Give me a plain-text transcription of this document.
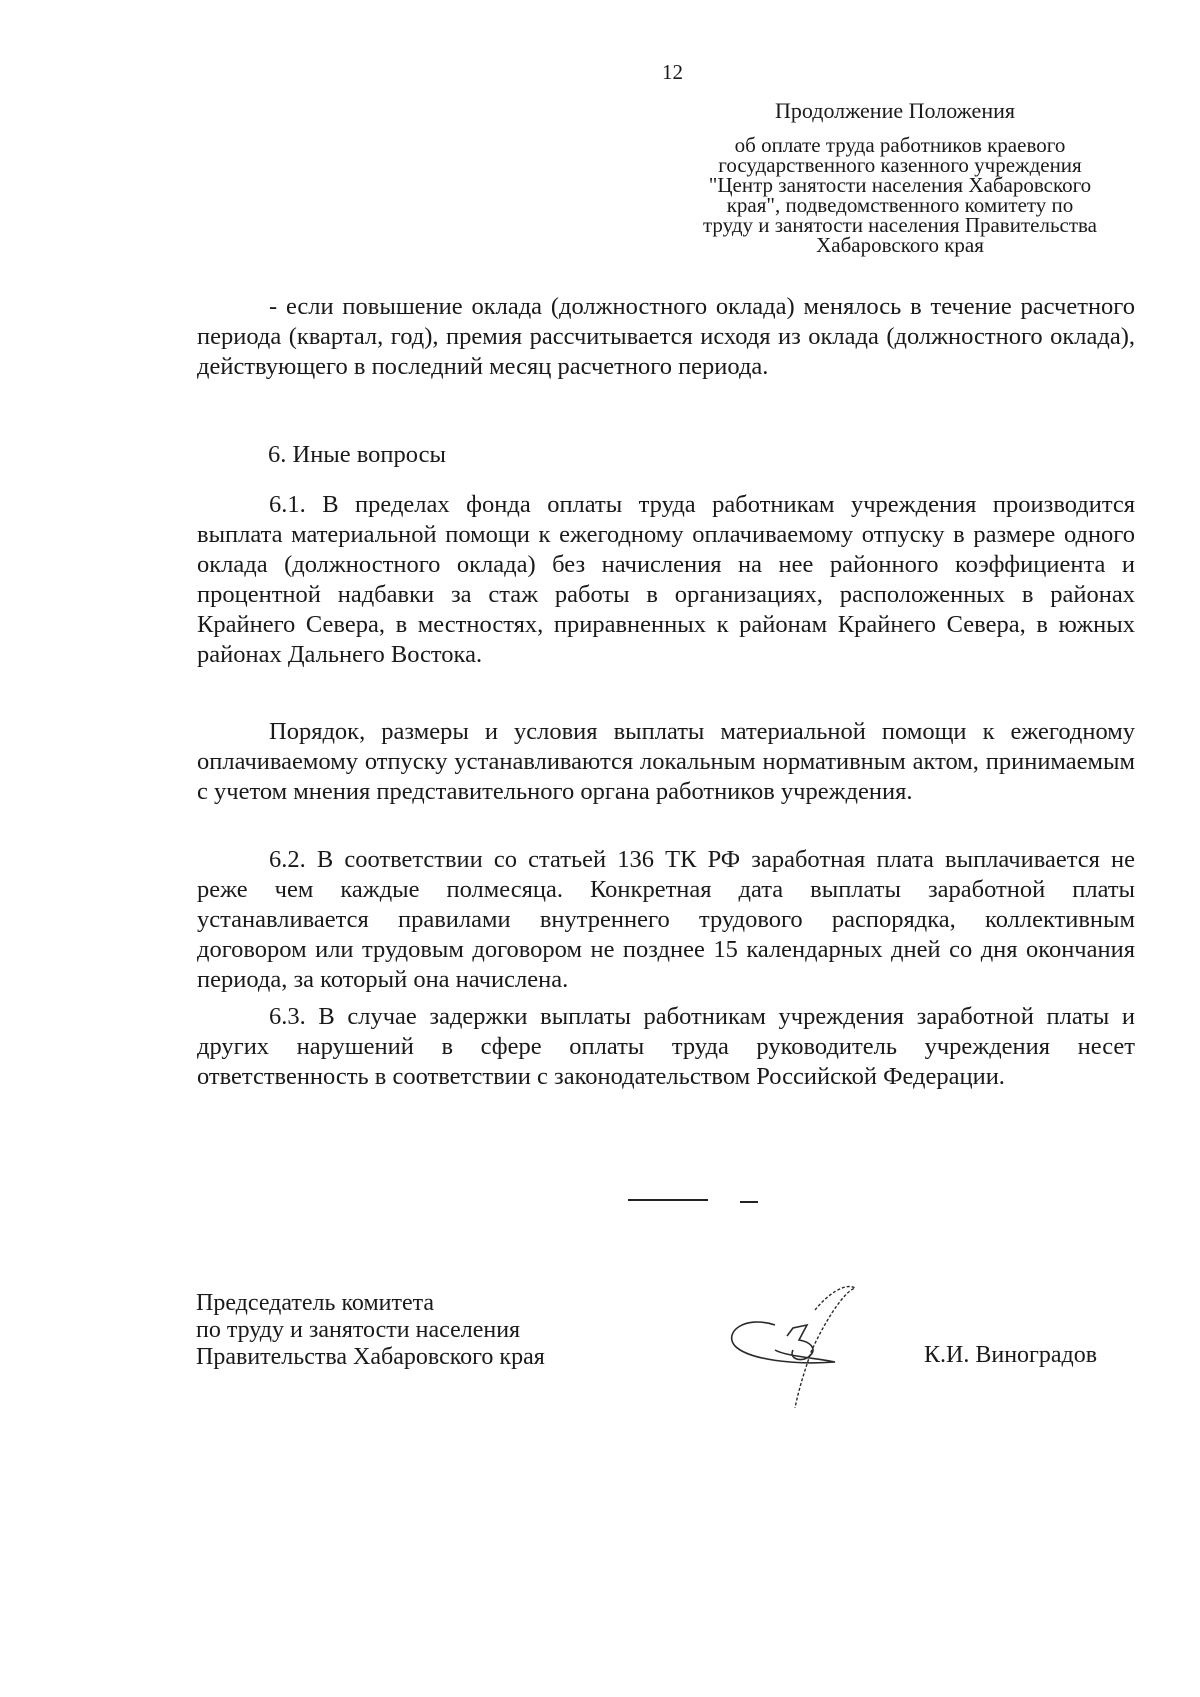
12
Продолжение Положения
об оплате труда работников краевого
государственного казенного учреждения
"Центр занятости населения Хабаровского
края", подведомственного комитету по
труду и занятости населения Правительства
Хабаровского края

- если повышение оклада (должностного оклада) менялось в течение расчетного периода (квартал, год), премия рассчитывается исходя из оклада (должностного оклада), действующего в последний месяц расчетного периода.

6. Иные вопросы

6.1. В пределах фонда оплаты труда работникам учреждения производится выплата материальной помощи к ежегодному оплачиваемому отпуску в размере одного оклада (должностного оклада) без начисления на нее районного коэффициента и процентной надбавки за стаж работы в организациях, расположенных в районах Крайнего Севера, в местностях, приравненных к районам Крайнего Севера, в южных районах Дальнего Востока.

Порядок, размеры и условия выплаты материальной помощи к ежегодному оплачиваемому отпуску устанавливаются локальным нормативным актом, принимаемым с учетом мнения представительного органа работников учреждения.

6.2. В соответствии со статьей 136 ТК РФ заработная плата выплачивается не реже чем каждые полмесяца. Конкретная дата выплаты заработной платы устанавливается правилами внутреннего трудового распорядка, коллективным договором или трудовым договором не позднее 15 календарных дней со дня окончания периода, за который она начислена.

6.3. В случае задержки выплаты работникам учреждения заработной платы и других нарушений в сфере оплаты труда руководитель учреждения несет ответственность в соответствии с законодательством Российской Федерации.

Председатель комитета
по труду и занятости населения
Правительства Хабаровского края	К.И. Виноградов
